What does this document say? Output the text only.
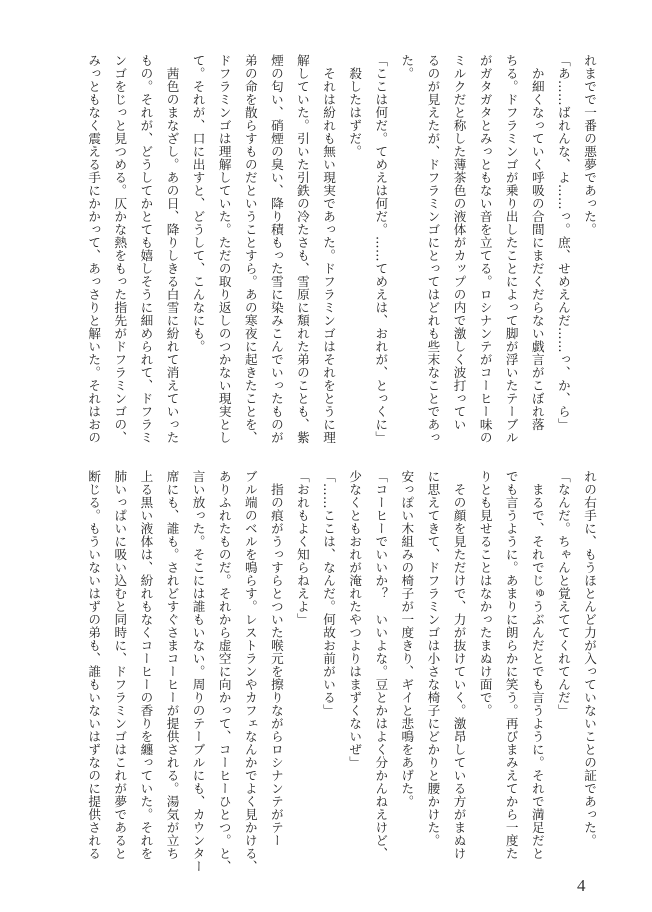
れまでで一番の悪夢であった。

「あ……ばれんな、よ……っ。庶、せめえんだ……っ、か、ら」

　か細くなっていく呼吸の合間にまだくだらない戯言がこぼれ落

ちる。ドフラミンゴが乗り出したことによって脚が浮いたテーブル

がガタガタとみっともない音を立てる。ロシナンテがコーヒー味の

ミルクだと称した薄茶色の液体がカップの内で激しく波打ってい

るのが見えたが、ドフラミンゴにとってはどれも些末なことであっ

た。

「ここは何だ。てめえは何だ。……てめえは、おれが、とっくに」

　殺したはずだ。

　それは紛れも無い現実であった。ドフラミンゴはそれをとうに理

解していた。引いた引鉄の冷たさも、雪原に頽れた弟のことも、紫

煙の匂い、硝煙の臭い、降り積もった雪に染みこんでいったものが

弟の命を散らすものだということすら。あの寒夜に起きたことを、

ドフラミンゴは理解していた。ただの取り返しのつかない現実とし

て。それが、口に出すと、どうして、こんなにも。

　茜色のまなざし。あの日、降りしきる白雪に紛れて消えていった

もの。それが、どうしてかとても嬉しそうに細められて、ドフラミ

ンゴをじっと見つめる。仄かな熱をもった指先がドフラミンゴの、

みっともなく震える手にかかって、あっさりと解いた。それはおの

れの右手に、もうほとんど力が入っていないことの証であった。

「なんだ。ちゃんと覚えててくれてんだ」

　まるで、それでじゅうぶんだとでも言うように。それで満足だと

でも言うように。あまりに朗らかに笑う。再びまみえてから一度た

りとも見せることはなかったまぬけ面で。

　その顔を見ただけで、力が抜けていく。激昂している方がまぬけ

に思えてきて、ドフラミンゴは小さな椅子にどかりと腰かけた。

安っぽい木組みの椅子が一度きり、ギイと悲鳴をあげた。

「コーヒーでいいか？　いいよな。豆とかはよく分かんねえけど、

少なくともおれが淹れたやつよりはまずくないぜ」

「……ここは、なんだ。何故お前がいる」

「おれもよく知らねえよ」

　指の痕がうっすらとついた喉元を擦りながらロシナンテがテー

ブル端のベルを鳴らす。レストランやカフェなんかでよく見かける、

ありふれたものだ。それから虚空に向かって、コーヒーひとつ。と、

言い放った。そこには誰もいない。周りのテーブルにも、カウンター

席にも、誰も。されどすぐさまコーヒーが提供される。湯気が立ち

上る黒い液体は、紛れもなくコーヒーの香りを纏っていた。それを

肺いっぱいに吸い込むと同時に、ドフラミンゴはこれが夢であると

断じる。もういないはずの弟も、誰もいないはずなのに提供される

4
